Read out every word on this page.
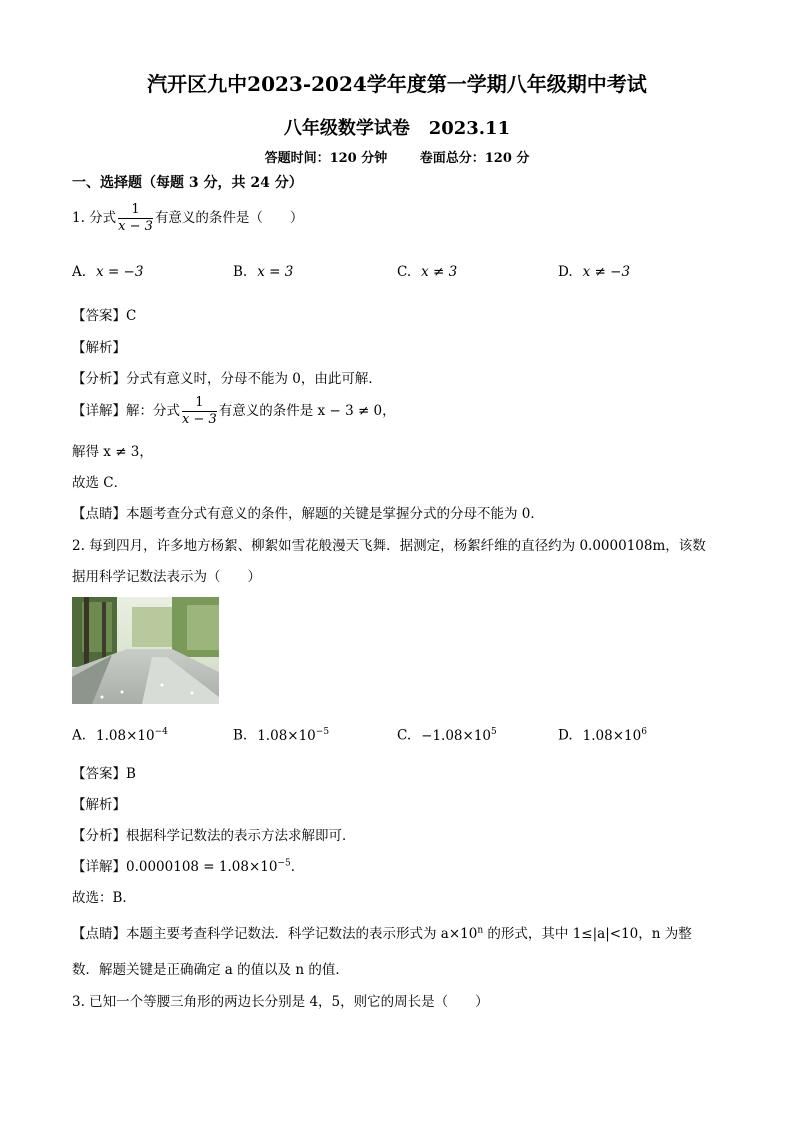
汽开区九中2023-2024学年度第一学期八年级期中考试
八年级数学试卷   2023.11
答题时间：120 分钟	卷面总分：120 分
一、选择题（每题 3 分，共 24 分）
1. 分式 $\frac{1}{x - 3}$ 有意义的条件是（　　）
A. x = −3	B. x = 3	C. x ≠ 3	D. x ≠ −3
【答案】C
【解析】
【分析】分式有意义时，分母不能为 0，由此可解．
【详解】解：分式 $\frac{1}{x - 3}$ 有意义的条件是 x − 3 ≠ 0，
解得 x ≠ 3，
故选 C．
【点睛】本题考查分式有意义的条件，解题的关键是掌握分式的分母不能为 0．
2. 每到四月，许多地方杨絮、柳絮如雪花般漫天飞舞．据测定，杨絮纤维的直径约为 0.0000108m，该数
据用科学记数法表示为（　　）
A. $1.08\times 10^{-4}$	B. $1.08\times 10^{-5}$	C. $-1.08\times 10^5$	D. $1.08\times 10^6$
【答案】B
【解析】
【分析】根据科学记数法的表示方法求解即可．
【详解】$0.0000108 = 1.08\times 10^{-5}$．
故选：B．
【点睛】本题主要考查科学记数法．科学记数法的表示形式为 $a\times 10^n$ 的形式，其中 1≤|a|<10，n 为整
数．解题关键是正确确定 a 的值以及 n 的值．
3. 已知一个等腰三角形的两边长分别是 4，5，则它的周长是（　　）
